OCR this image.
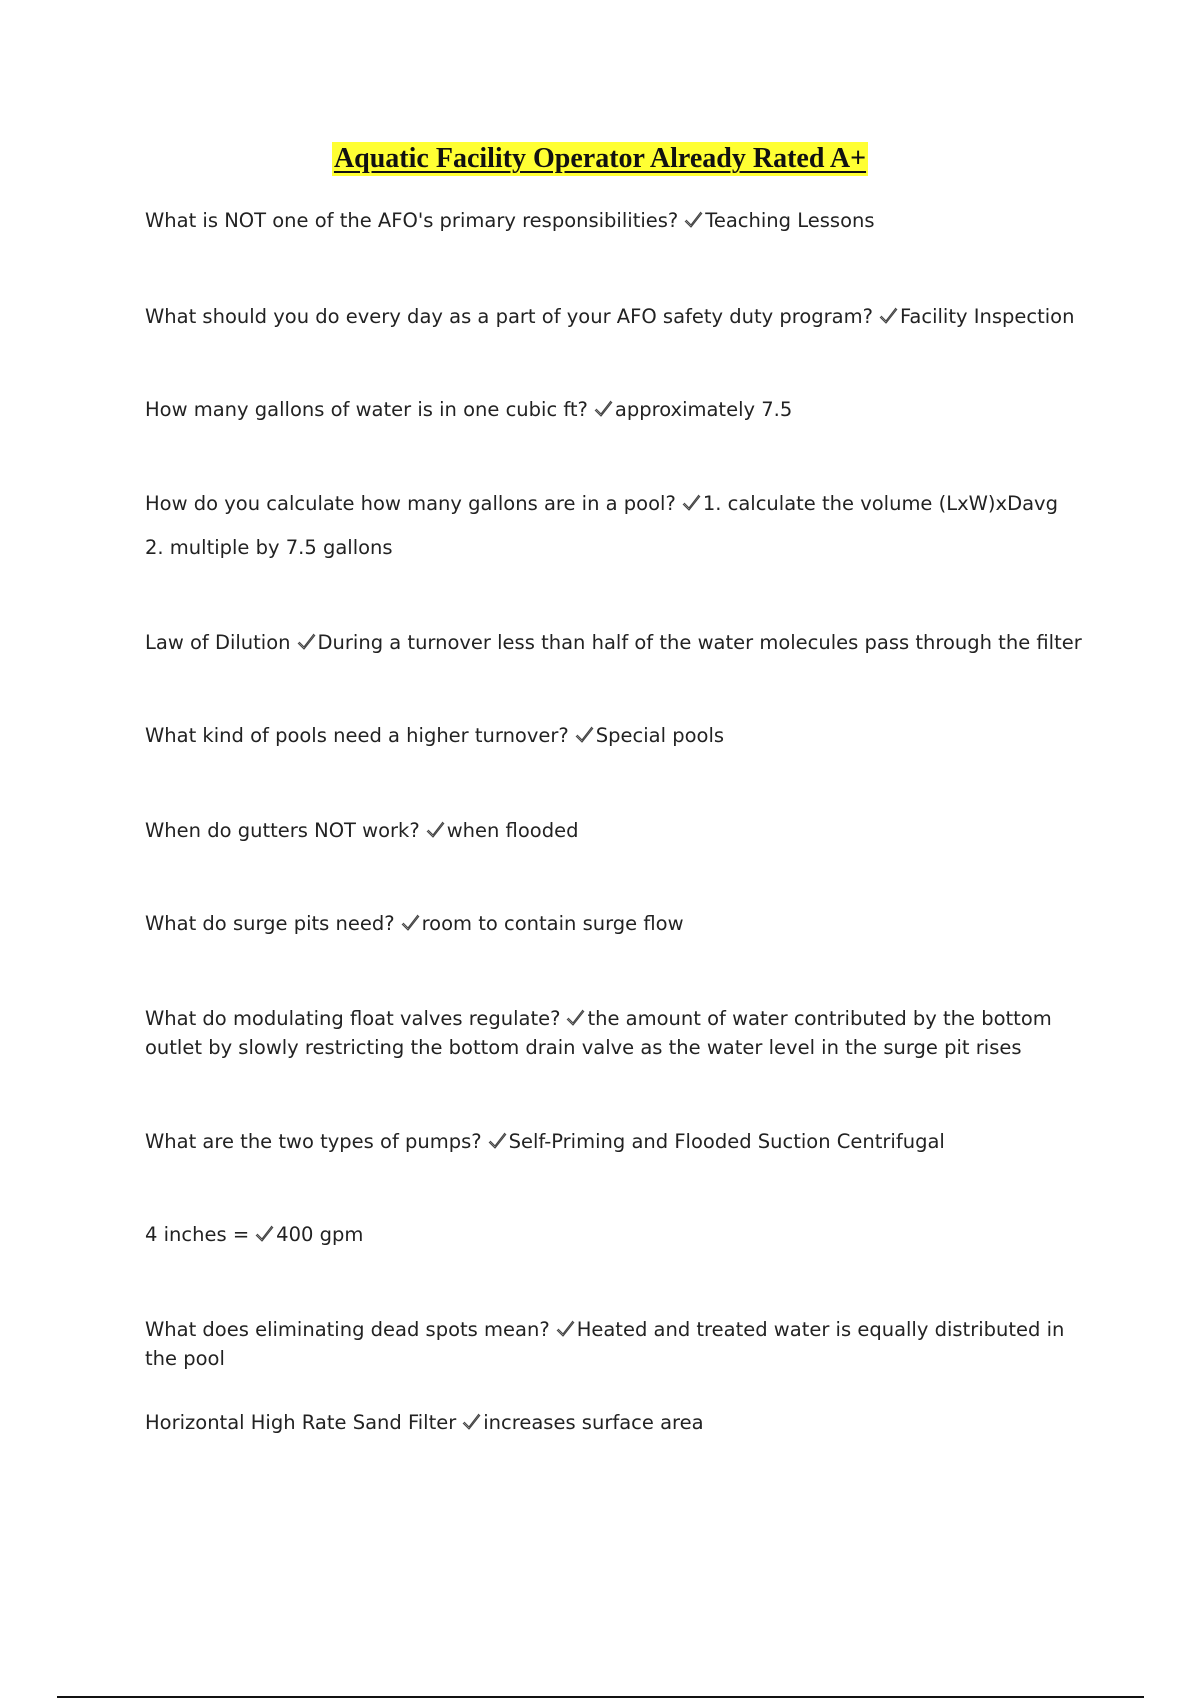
Aquatic Facility Operator Already Rated A+

What is NOT one of the AFO's primary responsibilities? Teaching Lessons

What should you do every day as a part of your AFO safety duty program? Facility Inspection

How many gallons of water is in one cubic ft? approximately 7.5

How do you calculate how many gallons are in a pool? 1. calculate the volume (LxW)xDavg

2. multiple by 7.5 gallons

Law of Dilution During a turnover less than half of the water molecules pass through the filter

What kind of pools need a higher turnover? Special pools

When do gutters NOT work? when flooded

What do surge pits need? room to contain surge flow

What do modulating float valves regulate? the amount of water contributed by the bottom outlet by slowly restricting the bottom drain valve as the water level in the surge pit rises

What are the two types of pumps? Self-Priming and Flooded Suction Centrifugal

4 inches = 400 gpm

What does eliminating dead spots mean? Heated and treated water is equally distributed in the pool

Horizontal High Rate Sand Filter increases surface area
